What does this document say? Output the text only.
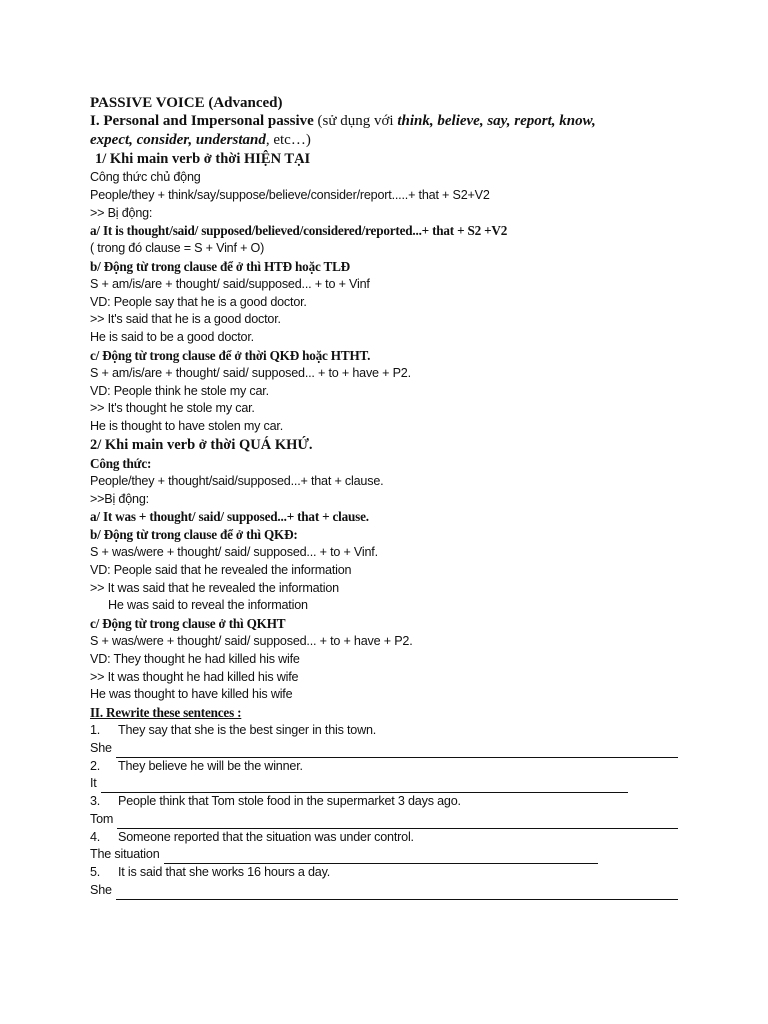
PASSIVE VOICE (Advanced)

I. Personal and Impersonal passive (sử dụng với think, believe, say, report, know,
expect, consider, understand, etc…)

1/ Khi main verb ở thời HIỆN TẠI

Công thức chủ động

People/they + think/say/suppose/believe/consider/report.....+ that + S2+V2

>> Bị động:

a/ It is thought/said/ supposed/believed/considered/reported...+ that + S2 +V2

( trong đó clause = S + Vinf + O)

b/ Động từ trong clause để ở thì HTĐ hoặc TLĐ

S + am/is/are + thought/ said/supposed... + to + Vinf

VD: People say that he is a good doctor.

>> It's said that he is a good doctor.

He is said to be a good doctor.

c/ Động từ trong clause để ở thời QKĐ hoặc HTHT.

S + am/is/are + thought/ said/ supposed... + to + have + P2.

VD: People think he stole my car.

>> It's thought he stole my car.

He is thought to have stolen my car.

2/ Khi main verb ở thời QUÁ KHỨ.

Công thức:

People/they + thought/said/supposed...+ that + clause.

>>Bị động:

a/ It was + thought/ said/ supposed...+ that + clause.

b/ Động từ trong clause để ở thì QKĐ:

S + was/were + thought/ said/ supposed... + to + Vinf.

VD: People said that he revealed the information

>> It was said that he revealed the information

He was said to reveal the information

c/ Động từ trong clause ở thì QKHT

S + was/were + thought/ said/ supposed... + to + have + P2.

VD: They thought he had killed his wife

>> It was thought he had killed his wife

He was thought to have killed his wife

II. Rewrite these sentences :

1.	They say that she is the best singer in this town.
She
2.	They believe he will be the winner.
It
3.	People think that Tom stole food in the supermarket 3 days ago.
Tom
4.	Someone reported that the situation was under control.
The situation
5.	It is said that she works 16 hours a day.
She
